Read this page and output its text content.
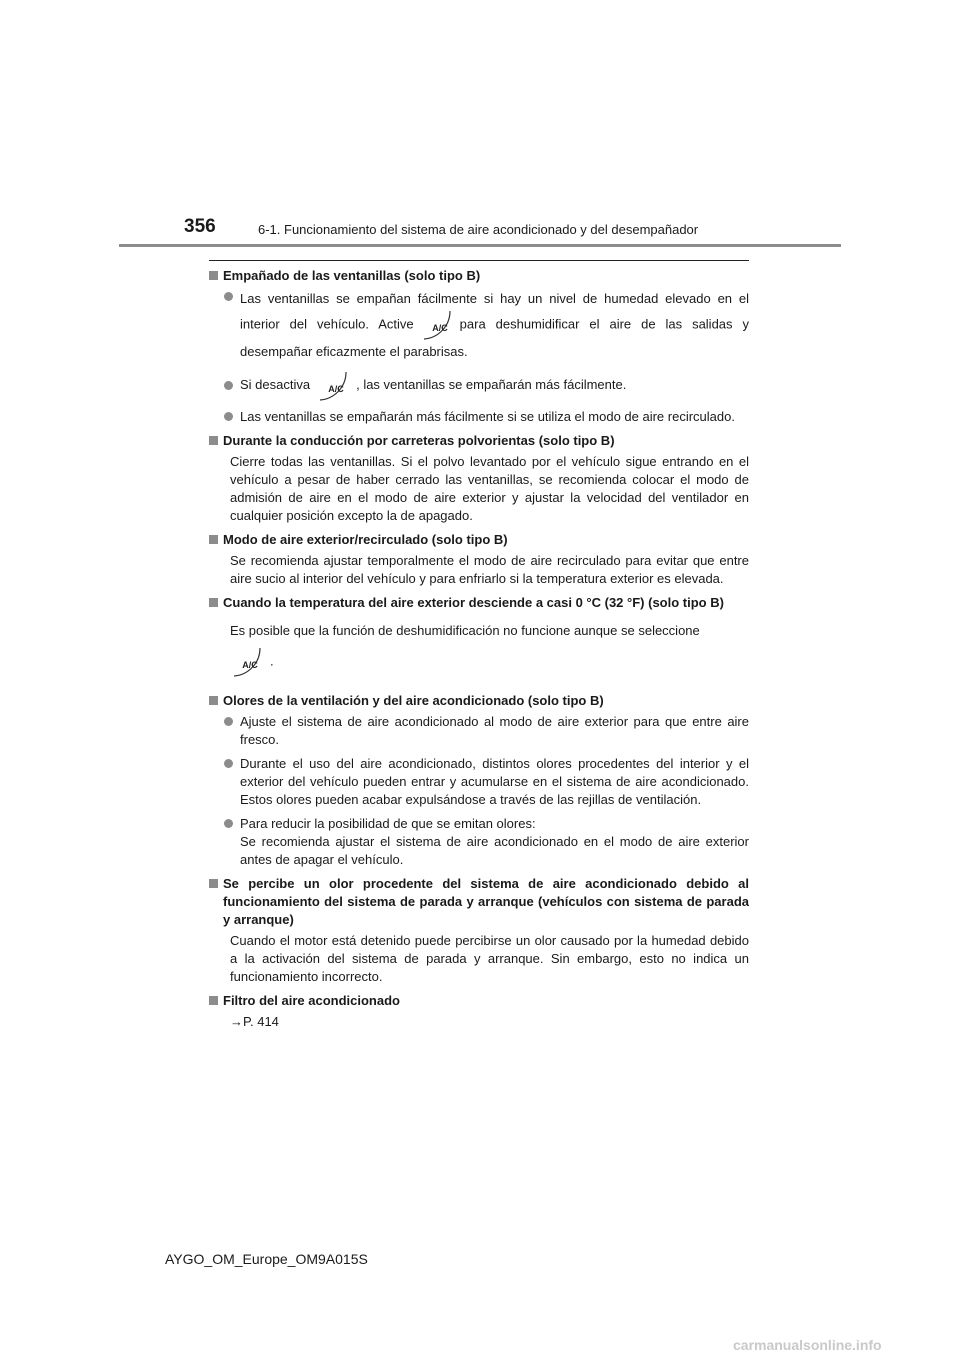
356	6-1. Funcionamiento del sistema de aire acondicionado y del desempañador
Empañado de las ventanillas (solo tipo B)
Las ventanillas se empañan fácilmente si hay un nivel de humedad elevado en el interior del vehículo. Active A/C para deshumidificar el aire de las salidas y desempañar eficazmente el parabrisas.
Si desactiva A/C , las ventanillas se empañarán más fácilmente.
Las ventanillas se empañarán más fácilmente si se utiliza el modo de aire recirculado.
Durante la conducción por carreteras polvorientas (solo tipo B)
Cierre todas las ventanillas. Si el polvo levantado por el vehículo sigue entrando en el vehículo a pesar de haber cerrado las ventanillas, se recomienda colocar el modo de admisión de aire en el modo de aire exterior y ajustar la velocidad del ventilador en cualquier posición excepto la de apagado.
Modo de aire exterior/recirculado (solo tipo B)
Se recomienda ajustar temporalmente el modo de aire recirculado para evitar que entre aire sucio al interior del vehículo y para enfriarlo si la temperatura exterior es elevada.
Cuando la temperatura del aire exterior desciende a casi 0 °C (32 °F) (solo tipo B)
Es posible que la función de deshumidificación no funcione aunque se seleccione
A/C .
Olores de la ventilación y del aire acondicionado (solo tipo B)
Ajuste el sistema de aire acondicionado al modo de aire exterior para que entre aire fresco.
Durante el uso del aire acondicionado, distintos olores procedentes del interior y el exterior del vehículo pueden entrar y acumularse en el sistema de aire acondicionado. Estos olores pueden acabar expulsándose a través de las rejillas de ventilación.
Para reducir la posibilidad de que se emitan olores:
Se recomienda ajustar el sistema de aire acondicionado en el modo de aire exterior antes de apagar el vehículo.
Se percibe un olor procedente del sistema de aire acondicionado debido al funcionamiento del sistema de parada y arranque (vehículos con sistema de parada y arranque)
Cuando el motor está detenido puede percibirse un olor causado por la humedad debido a la activación del sistema de parada y arranque. Sin embargo, esto no indica un funcionamiento incorrecto.
Filtro del aire acondicionado
→P. 414
AYGO_OM_Europe_OM9A015S
carmanualsonline.info
